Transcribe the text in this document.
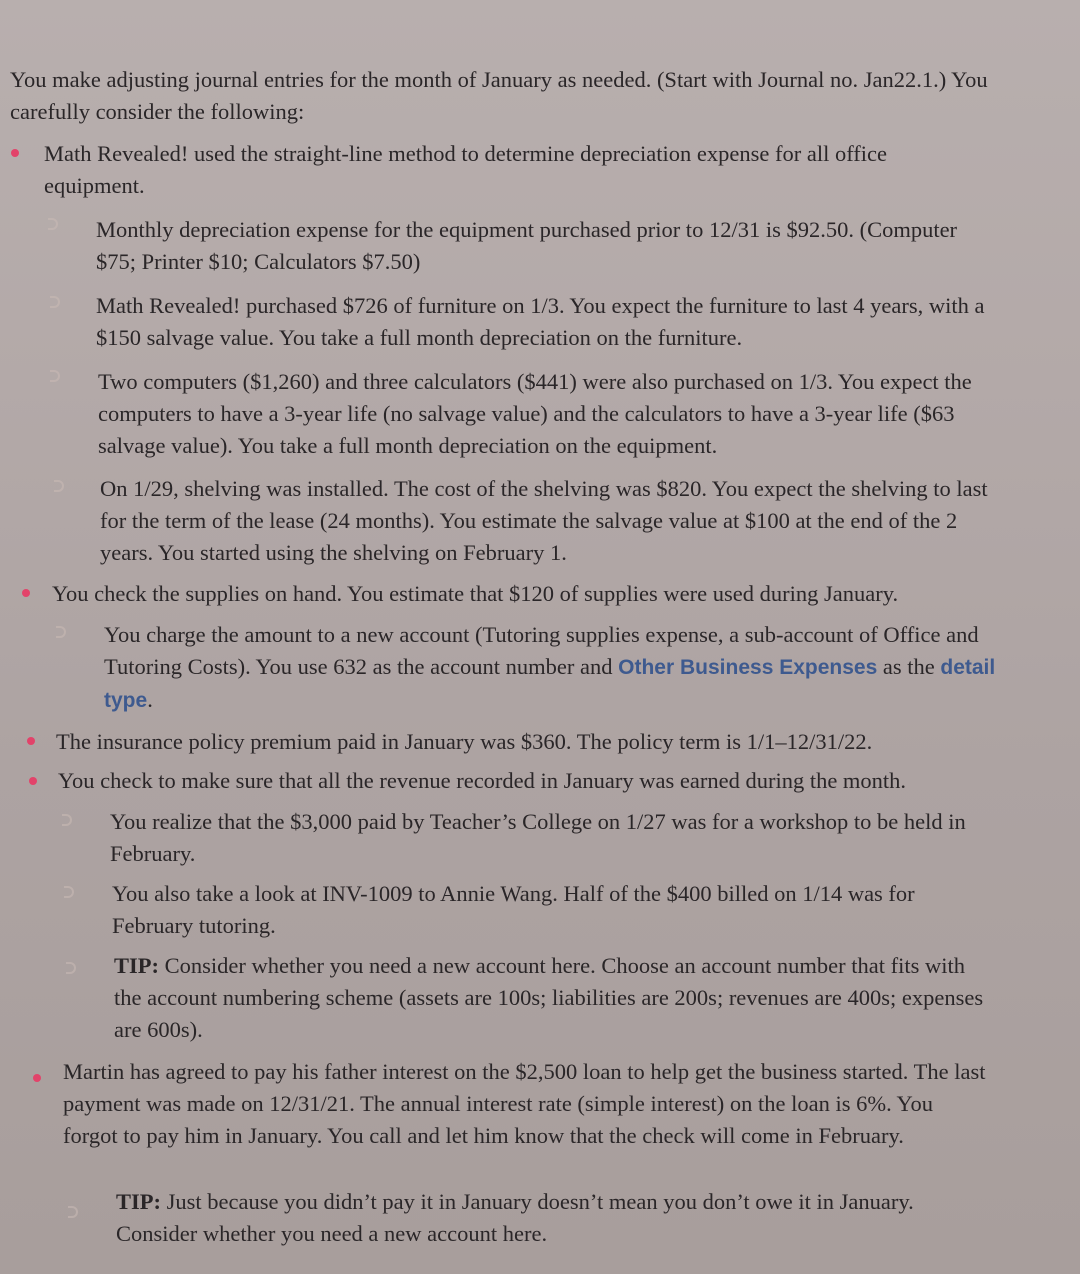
You make adjusting journal entries for the month of January as needed. (Start with Journal no. Jan22.1.) You carefully consider the following:

Math Revealed! used the straight-line method to determine depreciation expense for all office equipment.

Monthly depreciation expense for the equipment purchased prior to 12/31 is $92.50. (Computer $75; Printer $10; Calculators $7.50)

Math Revealed! purchased $726 of furniture on 1/3. You expect the furniture to last 4 years, with a $150 salvage value. You take a full month depreciation on the furniture.

Two computers ($1,260) and three calculators ($441) were also purchased on 1/3. You expect the computers to have a 3-year life (no salvage value) and the calculators to have a 3-year life ($63 salvage value). You take a full month depreciation on the equipment.

On 1/29, shelving was installed. The cost of the shelving was $820. You expect the shelving to last for the term of the lease (24 months). You estimate the salvage value at $100 at the end of the 2 years. You started using the shelving on February 1.

You check the supplies on hand. You estimate that $120 of supplies were used during January.

You charge the amount to a new account (Tutoring supplies expense, a sub-account of Office and Tutoring Costs). You use 632 as the account number and Other Business Expenses as the detail type.

The insurance policy premium paid in January was $360. The policy term is 1/1–12/31/22.

You check to make sure that all the revenue recorded in January was earned during the month.

You realize that the $3,000 paid by Teacher’s College on 1/27 was for a workshop to be held in February.

You also take a look at INV-1009 to Annie Wang. Half of the $400 billed on 1/14 was for February tutoring.

TIP: Consider whether you need a new account here. Choose an account number that fits with the account numbering scheme (assets are 100s; liabilities are 200s; revenues are 400s; expenses are 600s).

Martin has agreed to pay his father interest on the $2,500 loan to help get the business started. The last payment was made on 12/31/21. The annual interest rate (simple interest) on the loan is 6%. You forgot to pay him in January. You call and let him know that the check will come in February.

TIP: Just because you didn’t pay it in January doesn’t mean you don’t owe it in January. Consider whether you need a new account here.
